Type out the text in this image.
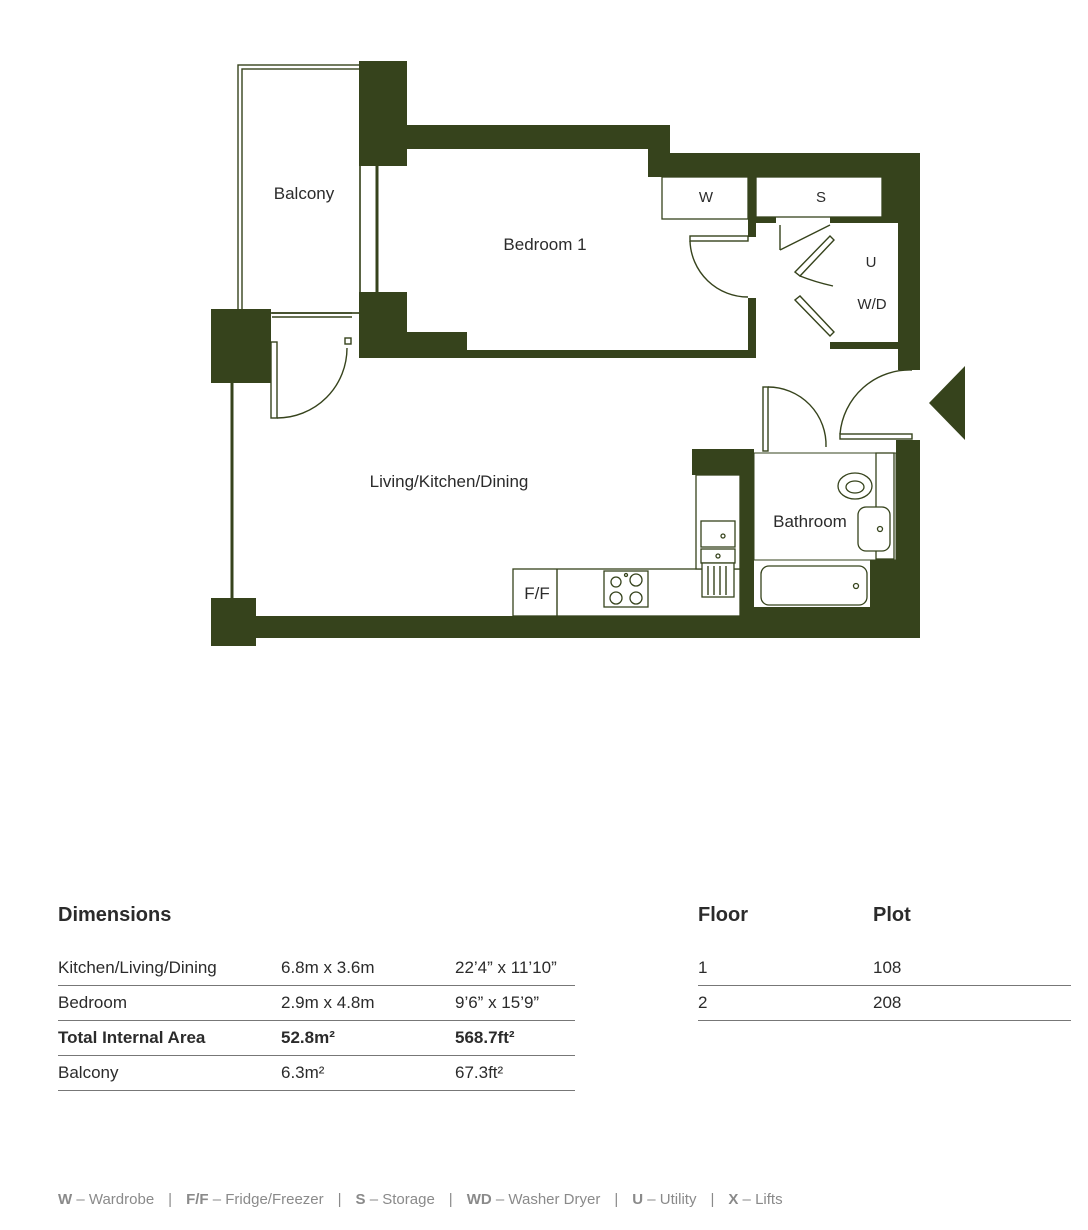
Balcony
Bedroom 1
Living/Kitchen/Dining
Bathroom
W	S
U
W/D
F/F
Dimensions
Kitchen/Living/Dining	6.8m x 3.6m	22’4” x 11’10”
Bedroom	2.9m x 4.8m	9’6” x 15’9”
Total Internal Area	52.8m²	568.7ft²
Balcony	6.3m²	67.3ft²
Floor	Plot
1	108
2	208
W – Wardrobe | F/F – Fridge/Freezer | S – Storage | WD – Washer Dryer | U – Utility | X – Lifts
